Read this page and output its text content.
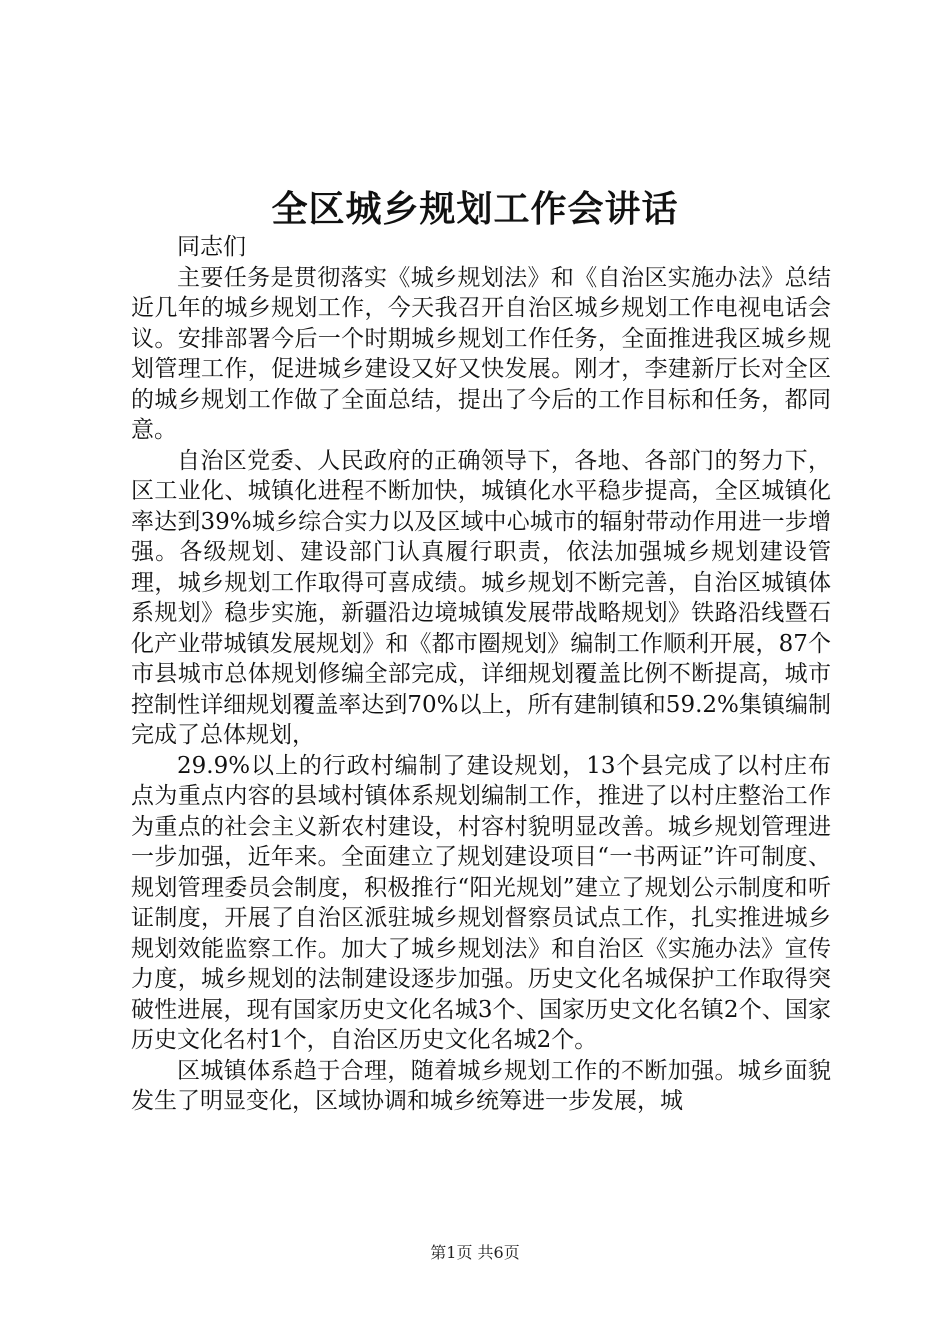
全区城乡规划工作会讲话

同志们

主要任务是贯彻落实《城乡规划法》和《自治区实施办法》总结近几年的城乡规划工作，今天我召开自治区城乡规划工作电视电话会议。安排部署今后一个时期城乡规划工作任务，全面推进我区城乡规划管理工作，促进城乡建设又好又快发展。刚才，李建新厅长对全区的城乡规划工作做了全面总结，提出了今后的工作目标和任务，都同意。

自治区党委、人民政府的正确领导下，各地、各部门的努力下，区工业化、城镇化进程不断加快，城镇化水平稳步提高，全区城镇化率达到39%城乡综合实力以及区域中心城市的辐射带动作用进一步增强。各级规划、建设部门认真履行职责，依法加强城乡规划建设管理，城乡规划工作取得可喜成绩。城乡规划不断完善，自治区城镇体系规划》稳步实施，新疆沿边境城镇发展带战略规划》铁路沿线暨石化产业带城镇发展规划》和《都市圈规划》编制工作顺利开展，87个市县城市总体规划修编全部完成，详细规划覆盖比例不断提高，城市控制性详细规划覆盖率达到70%以上，所有建制镇和59.2%集镇编制完成了总体规划，

29.9%以上的行政村编制了建设规划，13个县完成了以村庄布点为重点内容的县域村镇体系规划编制工作，推进了以村庄整治工作为重点的社会主义新农村建设，村容村貌明显改善。城乡规划管理进一步加强，近年来。全面建立了规划建设项目“一书两证”许可制度、规划管理委员会制度，积极推行“阳光规划”建立了规划公示制度和听证制度，开展了自治区派驻城乡规划督察员试点工作，扎实推进城乡规划效能监察工作。加大了城乡规划法》和自治区《实施办法》宣传力度，城乡规划的法制建设逐步加强。历史文化名城保护工作取得突破性进展，现有国家历史文化名城3个、国家历史文化名镇2个、国家历史文化名村1个，自治区历史文化名城2个。

区城镇体系趋于合理，随着城乡规划工作的不断加强。城乡面貌发生了明显变化，区域协调和城乡统筹进一步发展，城

第1页 共6页
